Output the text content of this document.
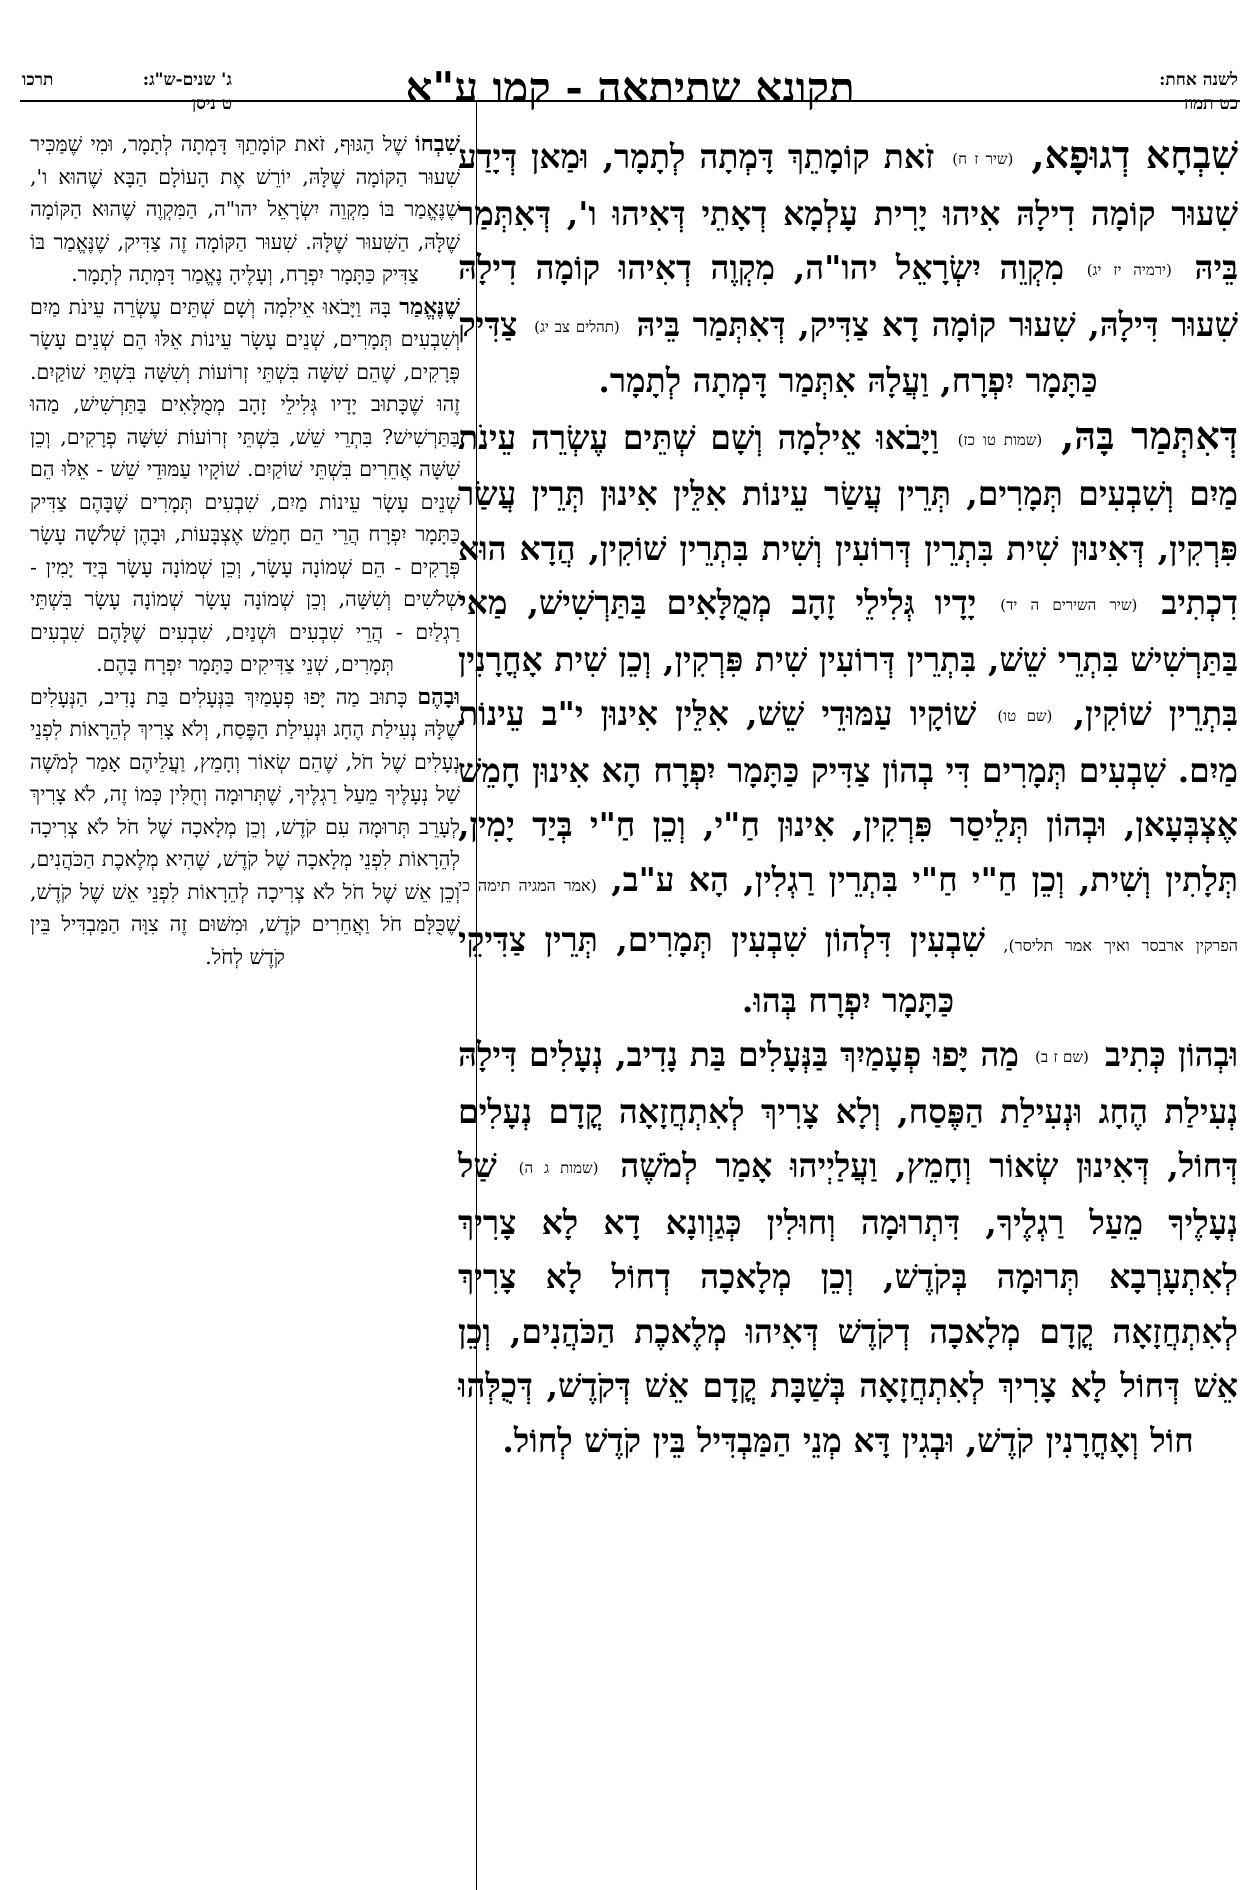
לשנה אחת:
כט תמוז
תקונא שתיתאה - קמו ע"א
ג' שנים-ש"ג:
תרכו
ט ניסן

שִׁבְחָא דְגוּפָא, (שיר ז ח) זֹאת קוֹמָתֵךְ דָּמְתָה לְתָמָר, וּמַאן דְּיָדַע שִׁעוּר קוֹמָה דִילָהּ אִיהוּ יָרִית עָלְמָא דְאָתֵי דְּאִיהוּ ו', דְּאִתְּמַר בֵּיהּ (ירמיה יז יג) מִקְוֵה יִשְׂרָאֵל יהו"ה, מִקְוֶה דְאִיהוּ קוֹמָה דִילָהּ שִׁעוּר דִּילָהּ, שִׁעוּר קוֹמָה דָא צַדִּיק, דְּאִתְּמַר בֵּיהּ (תהלים צב יג) צַדִּיק כַּתָּמָר יִפְרָח, וַעֲלָהּ אִתְּמַר דָּמְתָה לְתָמָר.

דְּאִתְּמַר בָּהּ, (שמות טו כז) וַיָּבֹאוּ אֵילִמָה וְשָׁם שְׁתֵּים עֶשְׂרֵה עֵינֹת מַיִם וְשִׁבְעִים תְּמָרִים, תְּרֵין עֲשַׂר עֵינוֹת אִלֵּין אִינוּן תְּרֵין עֲשַׂר פִּרְקִין, דְּאִינוּן שִׁית בִּתְרֵין דְּרוֹעִין וְשִׁית בִּתְרֵין שׁוֹקִין, הֲדָא הוּא דִכְתִיב (שיר השירים ה יד) יָדָיו גְּלִילֵי זָהָב מְמֻלָּאִים בַּתַּרְשִׁישׁ, מַאי בַּתַּרְשִׁישׁ בִּתְרֵי שֵׁשׁ, בִּתְרֵין דְּרוֹעִין שִׁית פִּרְקִין, וְכֵן שִׁית אָחֳרָנִין בִּתְרֵין שׁוֹקִין, (שם טו) שׁוֹקָיו עַמּוּדֵי שֵׁשׁ, אִלֵּין אִינוּן י"ב עֵינוֹת מַיִם. שִׁבְעִים תְּמָרִים דִּי בְהוֹן צַדִּיק כַּתָּמָר יִפְרָח הָא אִינוּן חָמֵשׁ אֶצְבְּעָאן, וּבְהוֹן תְּלֵיסַר פִּרְקִין, אִינוּן חַ"י, וְכֵן חַ"י בְּיַד יָמִין, תְּלָתִין וְשִׁית, וְכֵן חַ"י חַ"י בִּתְרֵין רַגְלִין, הָא ע"ב, (אמר המגיה תימה כי הפרקין ארבסר ואיך אמר תליסר), שִׁבְעִין דִּלְהוֹן שִׁבְעִין תְּמָרִים, תְּרֵין צַדִּיקֵי כַּתָּמָר יִפְרָח בְּהוּ.

וּבְהוֹן כְּתִיב (שם ז ב) מַה יָּפוּ פְעָמַיִךְ בַּנְּעָלִים בַּת נָדִיב, נְעָלִים דִּילָהּ נְעִילַת הֶחָג וּנְעִילַת הַפֶּסַח, וְלָא צָרִיךְ לְאִתְחֲזָאָה קֳדָם נְעָלִים דְּחוֹל, דְּאִינוּן שְׂאוֹר וְחָמֵץ, וַעֲלַיְיהוּ אָמַר לְמֹשֶׁה (שמות ג ה) שַׁל נְעָלֶיךָ מֵעַל רַגְלֶיךָ, דִּתְרוּמָה וְחוּלִין כְּגַוְונָא דָא לָא צָרִיךְ לְאִתְעָרְבָא תְּרוּמָה בְּקֹדֶשׁ, וְכֵן מְלָאכָה דְחוֹל לָא צָרִיךְ לְאִתְחֲזָאָה קֳדָם מְלָאכָה דְקֹדֶשׁ דְּאִיהוּ מְלֶאכֶת הַכֹּהֲנִים, וְכֵן אֵשׁ דְּחוֹל לָא צָרִיךְ לְאִתְחֲזָאָה בְּשַׁבָּת קֳדָם אֵשׁ דְּקֹדֶשׁ, דְּכֻלְּהוּ חוֹל וְאָחֳרָנִין קֹדֶשׁ, וּבְגִין דָּא מְנֵי הַמַּבְדִּיל בֵּין קֹדֶשׁ לְחוֹל.

שִׁבְחוֹ שֶׁל הַגּוּף, זֹאת קוֹמָתֵךְ דָּמְתָה לְתָמָר, וּמִי שֶׁמַּכִּיר שִׁעוּר הַקּוֹמָה שֶׁלָּהּ, יוֹרֵשׁ אֶת הָעוֹלָם הַבָּא שֶׁהוּא ו', שֶׁנֶּאֱמַר בּוֹ מִקְוֵה יִשְׂרָאֵל יהו"ה, הַמִּקְוֶה שֶׁהוּא הַקּוֹמָה שֶׁלָּהּ, הַשִּׁעוּר שֶׁלָּהּ. שִׁעוּר הַקּוֹמָה זֶה צַדִּיק, שֶׁנֶּאֱמַר בּוֹ צַדִּיק כַּתָּמָר יִפְרָח, וְעָלֶיהָ נֶאֱמַר דָּמְתָה לְתָמָר.

שֶׁנֶּאֱמַר בָּהּ וַיָּבֹאוּ אֵילִמָה וְשָׁם שְׁתֵּים עֶשְׂרֵה עֵינֹת מַיִם וְשִׁבְעִים תְּמָרִים, שְׁנֵים עָשָׂר עֵינוֹת אֵלּוּ הֵם שְׁנֵים עָשָׂר פְּרָקִים, שֶׁהֵם שִׁשָּׁה בִּשְׁתֵּי זְרוֹעוֹת וְשִׁשָּׁה בִּשְׁתֵּי שׁוֹקַיִם. זֶהוּ שֶׁכָּתוּב יָדָיו גְּלִילֵי זָהָב מְמֻלָּאִים בַּתַּרְשִׁישׁ, מַהוּ בַּתַּרְשִׁישׁ? בִּתְרֵי שֵׁשׁ, בִּשְׁתֵּי זְרוֹעוֹת שִׁשָּׁה פְרָקִים, וְכֵן שִׁשָּׁה אֲחֵרִים בִּשְׁתֵּי שׁוֹקַיִם. שׁוֹקָיו עַמּוּדֵי שֵׁשׁ - אֵלּוּ הֵם שְׁנֵים עָשָׂר עֵינוֹת מַיִם, שִׁבְעִים תְּמָרִים שֶׁבָּהֶם צַדִּיק כַּתָּמָר יִפְרָח הֲרֵי הֵם חָמֵשׁ אֶצְבָּעוֹת, וּבָהֶן שְׁלֹשָׁה עָשָׂר פְּרָקִים - הֵם שְׁמוֹנָה עָשָׂר, וְכֵן שְׁמוֹנָה עָשָׂר בְּיַד יָמִין - שְׁלֹשִׁים וְשִׁשָּׁה, וְכֵן שְׁמוֹנָה עָשָׂר שְׁמוֹנָה עָשָׂר בִּשְׁתֵּי רַגְלַיִם - הֲרֵי שִׁבְעִים וּשְׁנַיִם, שִׁבְעִים שֶׁלָּהֶם שִׁבְעִים תְּמָרִים, שְׁנֵי צַדִּיקִים כַּתָּמָר יִפְרָח בָּהֶם.

וּבָהֶם כָּתוּב מַה יָּפוּ פְעָמַיִךְ בַּנְּעָלִים בַּת נָדִיב, הַנְּעָלִים שֶׁלָּהּ נְעִילַת הֶחָג וּנְעִילַת הַפֶּסַח, וְלֹא צָרִיךְ לְהֵרָאוֹת לִפְנֵי נְעָלִים שֶׁל חֹל, שֶׁהֵם שְׂאוֹר וְחָמֵץ, וַעֲלֵיהֶם אָמַר לְמֹשֶׁה שַׁל נְעָלֶיךָ מֵעַל רַגְלֶיךָ, שֶׁתְּרוּמָה וְחֻלִּין כְּמוֹ זֶה, לֹא צָרִיךְ לְעָרֵב תְּרוּמָה עִם קֹדֶשׁ, וְכֵן מְלָאכָה שֶׁל חֹל לֹא צְרִיכָה לְהֵרָאוֹת לִפְנֵי מְלָאכָה שֶׁל קֹדֶשׁ, שֶׁהִיא מְלֶאכֶת הַכֹּהֲנִים, וְכֵן אֵשׁ שֶׁל חֹל לֹא צְרִיכָה לְהֵרָאוֹת לִפְנֵי אֵשׁ שֶׁל קֹדֶשׁ, שֶׁכֻּלָּם חֹל וַאֲחֵרִים קֹדֶשׁ, וּמִשּׁוּם זֶה צִוָּה הַמַּבְדִּיל בֵּין קֹדֶשׁ לְחֹל.
